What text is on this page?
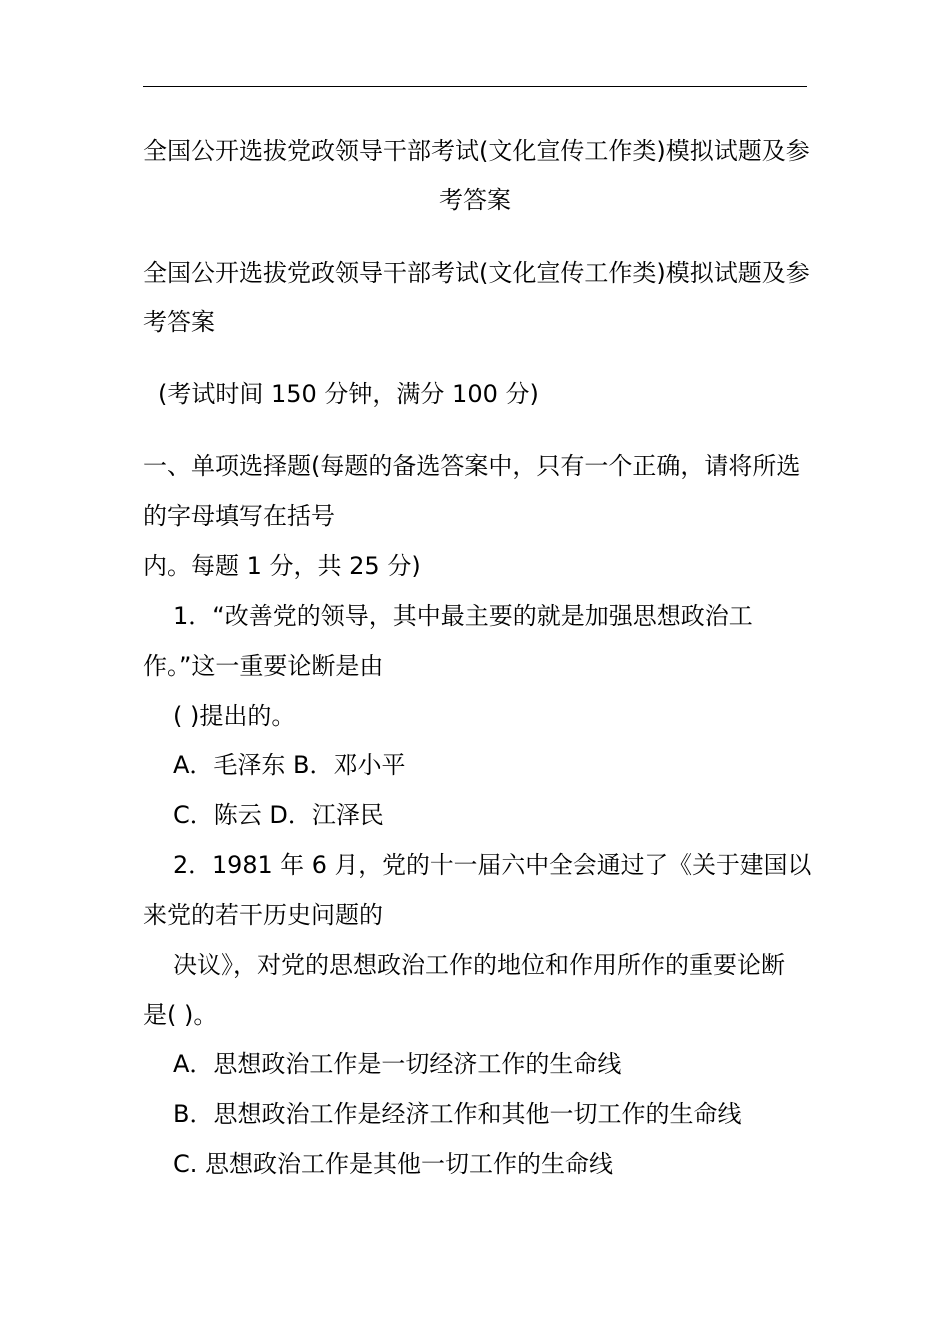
全国公开选拔党政领导干部考试(文化宣传工作类)模拟试题及参
考答案
全国公开选拔党政领导干部考试(文化宣传工作类)模拟试题及参
考答案
(考试时间 150 分钟，满分 100 分)
一、单项选择题(每题的备选答案中，只有一个正确，请将所选
的字母填写在括号
内。每题 1 分，共 25 分)
1．“改善党的领导，其中最主要的就是加强思想政治工
作。”这一重要论断是由
( )提出的。
A．毛泽东 B．邓小平
C．陈云 D．江泽民
2．1981 年 6 月，党的十一届六中全会通过了《关于建国以
来党的若干历史问题的
决议》，对党的思想政治工作的地位和作用所作的重要论断
是( )。
A．思想政治工作是一切经济工作的生命线
B．思想政治工作是经济工作和其他一切工作的生命线
C. 思想政治工作是其他一切工作的生命线
